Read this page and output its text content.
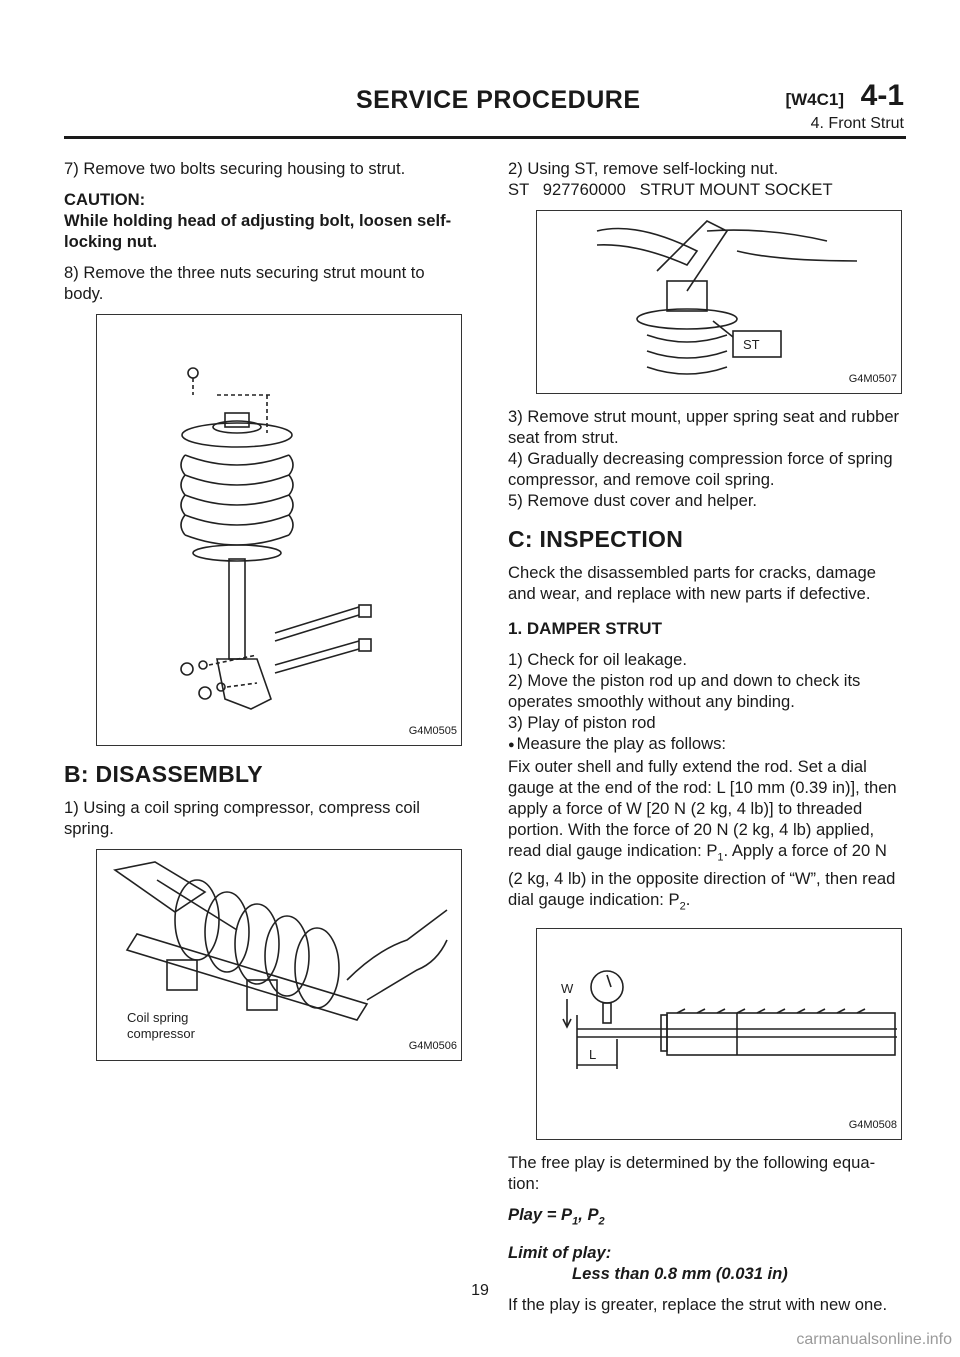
SERVICE PROCEDURE	[W4C1] 4-1
4. Front Strut

7) Remove two bolts securing housing to strut.

CAUTION:

While holding head of adjusting bolt, loosen self-locking nut.

8) Remove the three nuts securing strut mount to body.

G4M0505
B: DISASSEMBLY

1) Using a coil spring compressor, compress coil spring.

Coil spring
compressor
G4M0506

2) Using ST, remove self-locking nut.

ST   927760000   STRUT MOUNT SOCKET

ST
G4M0507

3) Remove strut mount, upper spring seat and rubber seat from strut.

4) Gradually decreasing compression force of spring compressor, and remove coil spring.

5) Remove dust cover and helper.

C: INSPECTION

Check the disassembled parts for cracks, damage and wear, and replace with new parts if defective.

1. DAMPER STRUT

1) Check for oil leakage.

2) Move the piston rod up and down to check its operates smoothly without any binding.

3) Play of piston rod

● Measure the play as follows:

Fix outer shell and fully extend the rod. Set a dial gauge at the end of the rod: L [10 mm (0.39 in)], then apply a force of W [20 N (2 kg, 4 lb)] to threaded portion. With the force of 20 N (2 kg, 4 lb) applied, read dial gauge indication: $P_1$. Apply a force of 20 N (2 kg, 4 lb) in the opposite direction of “W”, then read dial gauge indication: $P_2$.

W
L
G4M0508

The free play is determined by the following equa-tion:

Play = $P_1$, $P_2$

Limit of play:

Less than 0.8 mm (0.031 in)

If the play is greater, replace the strut with new one.

19
carmanualsonline.info
